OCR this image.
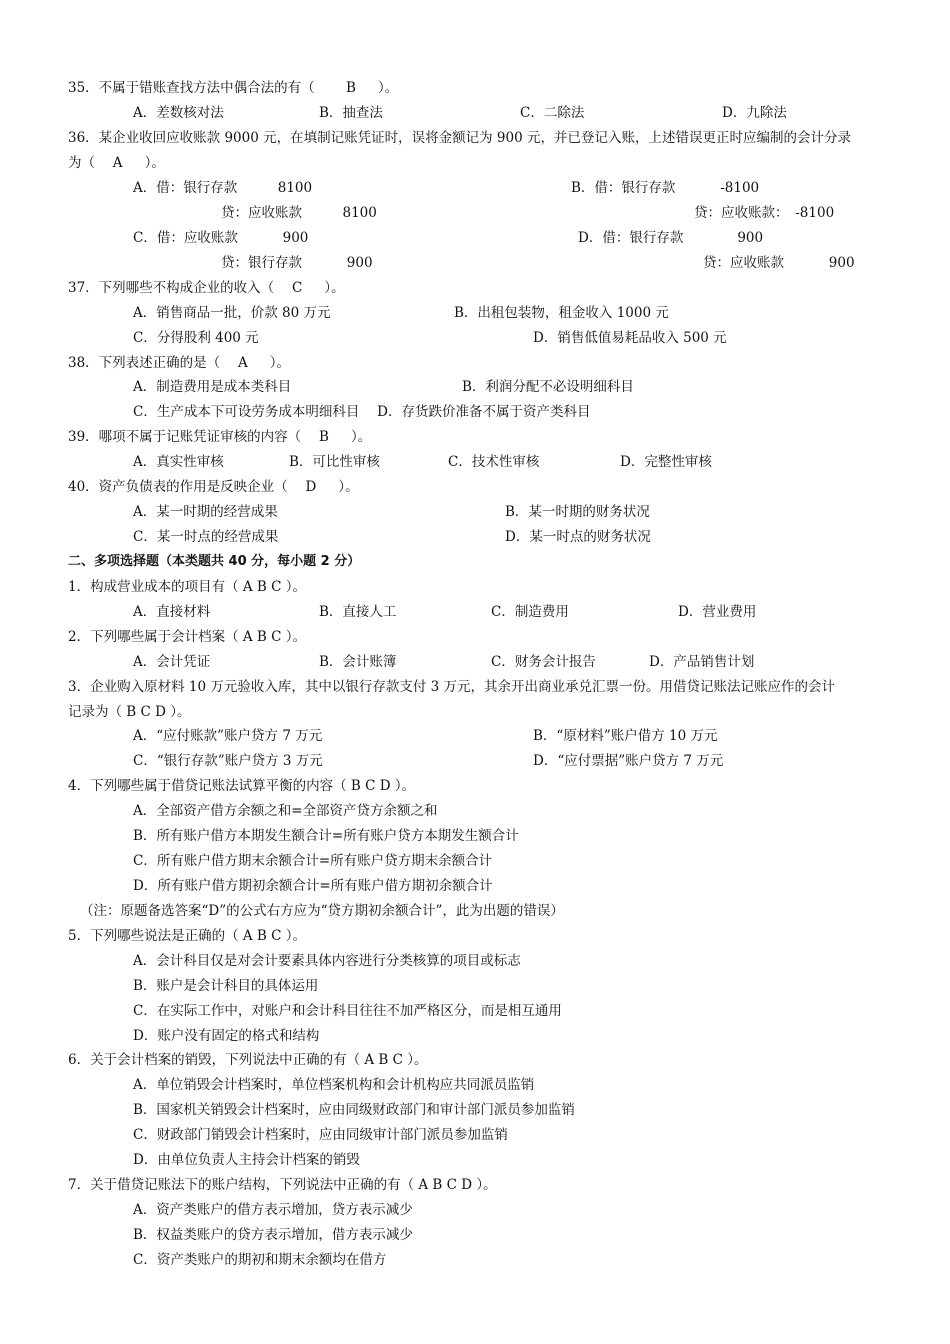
35．不属于错账查找方法中偶合法的有（　　 B 　 ）。
A．差数核对法	B．抽查法	C．二除法	D．九除法
36．某企业收回应收账款 9000 元，在填制记账凭证时，误将金额记为 900 元，并已登记入账，上述错误更正时应编制的会计分录
为（　 A 　 ）。
A．借：银行存款　　　8100	B．借：银行存款　　　 -8100
贷：应收账款　　　8100	贷：应收账款：　-8100
C．借：应收账款　　　 900	D．借：银行存款　　　　900
贷：银行存款　　　 900	贷：应收账款　　　 900
37．下列哪些不构成企业的收入（　 C 　 ）。
A．销售商品一批，价款 80 万元	B．出租包装物，租金收入 1000 元
C．分得股利 400 元	D．销售低值易耗品收入 500 元
38．下列表述正确的是（　 A 　 ）。
A．制造费用是成本类科目	B．利润分配不必设明细科目
C．生产成本下可设劳务成本明细科目　 D．存货跌价准备不属于资产类科目
39．哪项不属于记账凭证审核的内容（　 B 　 ）。
A．真实性审核	B．可比性审核	C．技术性审核	D．完整性审核
40．资产负债表的作用是反映企业（　 D 　 ）。
A．某一时期的经营成果	B．某一时期的财务状况
C．某一时点的经营成果	D．某一时点的财务状况
二、多项选择题（本类题共 40 分，每小题 2 分）
1．构成营业成本的项目有（ A B C ）。
A．直接材料	B．直接人工	C．制造费用	D．营业费用
2．下列哪些属于会计档案（ A B C ）。
A．会计凭证	B．会计账簿	C．财务会计报告	D．产品销售计划
3．企业购入原材料 10 万元验收入库，其中以银行存款支付 3 万元，其余开出商业承兑汇票一份。用借贷记账法记账应作的会计
记录为（ B C D ）。
A．“应付账款”账户贷方 7 万元	B．“原材料”账户借方 10 万元
C．“银行存款”账户贷方 3 万元	D．“应付票据”账户贷方 7 万元
4．下列哪些属于借贷记账法试算平衡的内容（ B C D ）。
A．全部资产借方余额之和=全部资产贷方余额之和
B．所有账户借方本期发生额合计=所有账户贷方本期发生额合计
C．所有账户借方期末余额合计=所有账户贷方期末余额合计
D．所有账户借方期初余额合计=所有账户借方期初余额合计
（注：原题备选答案“D”的公式右方应为“贷方期初余额合计”，此为出题的错误）
5．下列哪些说法是正确的（ A B C ）。
A．会计科目仅是对会计要素具体内容进行分类核算的项目或标志
B．账户是会计科目的具体运用
C．在实际工作中，对账户和会计科目往往不加严格区分，而是相互通用
D．账户没有固定的格式和结构
6．关于会计档案的销毁，下列说法中正确的有（ A B C ）。
A．单位销毁会计档案时，单位档案机构和会计机构应共同派员监销
B．国家机关销毁会计档案时，应由同级财政部门和审计部门派员参加监销
C．财政部门销毁会计档案时，应由同级审计部门派员参加监销
D．由单位负责人主持会计档案的销毁
7．关于借贷记账法下的账户结构，下列说法中正确的有（ A B C D ）。
A．资产类账户的借方表示增加，贷方表示减少
B．权益类账户的贷方表示增加，借方表示减少
C．资产类账户的期初和期末余额均在借方
